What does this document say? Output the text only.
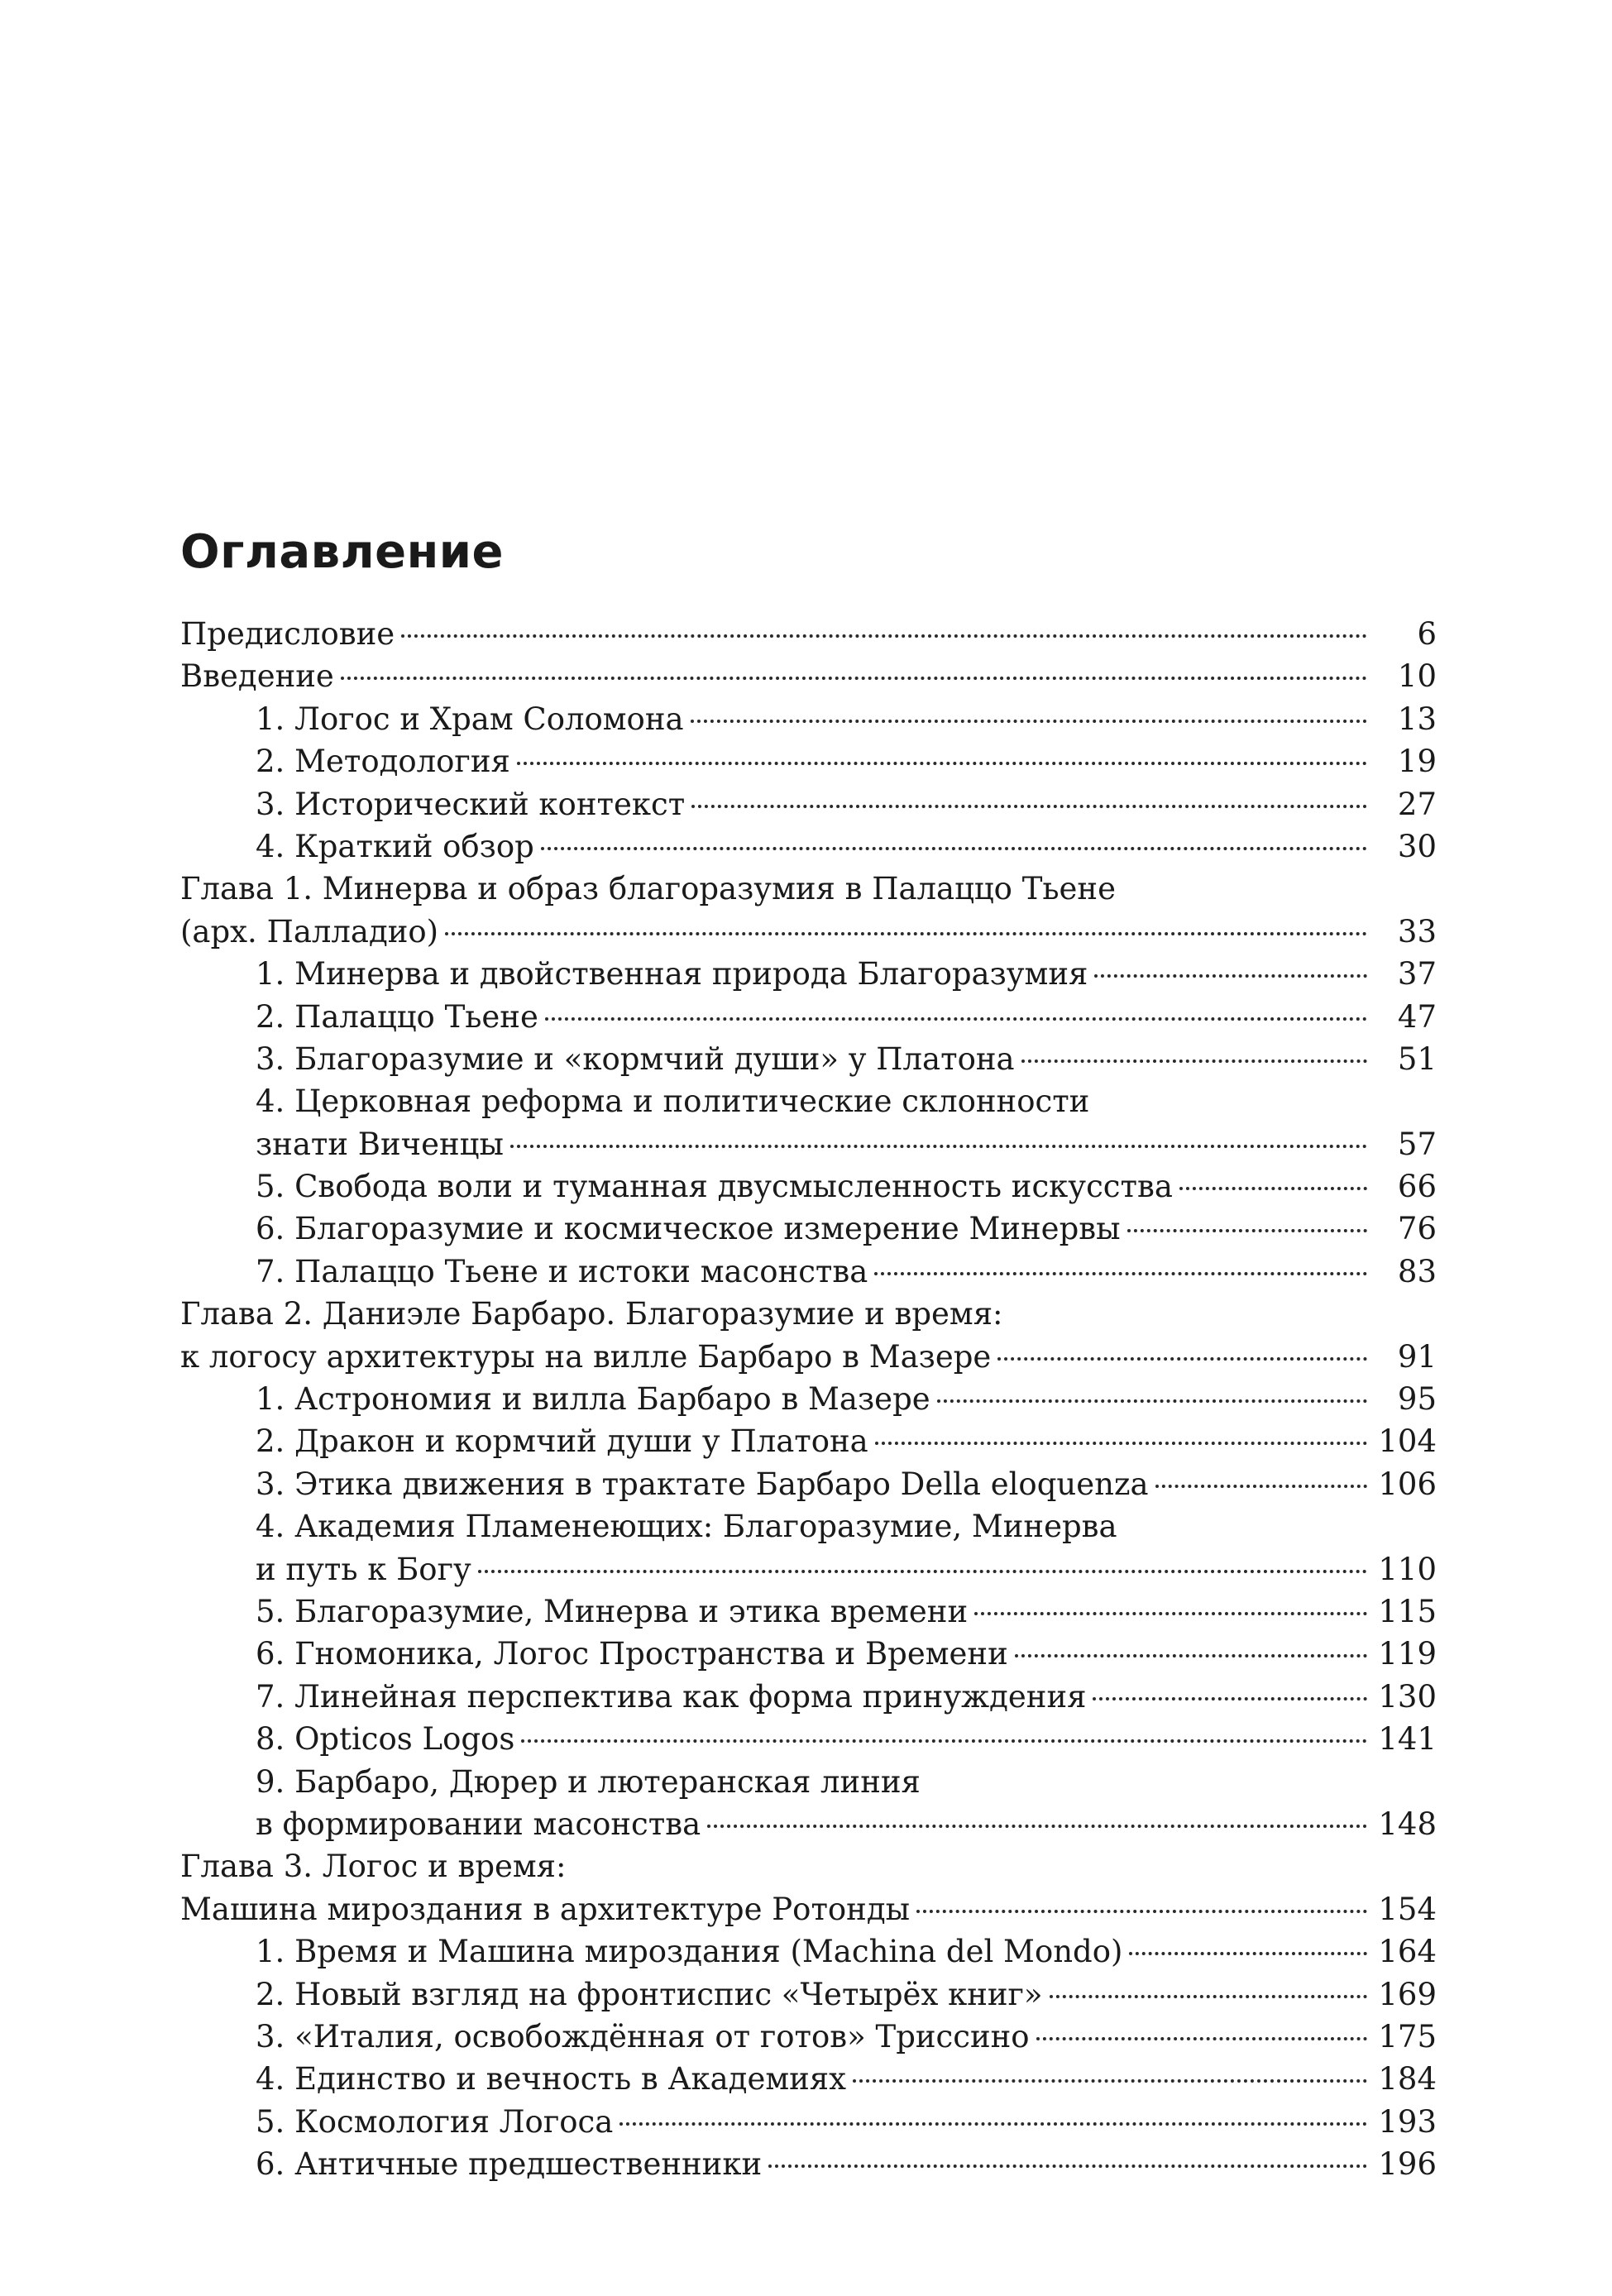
Оглавление
Предисловие	6
Введение	10
1. Логос и Храм Соломона	13
2. Методология	19
3. Исторический контекст	27
4. Краткий обзор	30
Глава 1. Минерва и образ благоразумия в Палаццо Тьене
(арх. Палладио)	33
1. Минерва и двойственная природа Благоразумия	37
2. Палаццо Тьене	47
3. Благоразумие и «кормчий души» у Платона	51
4. Церковная реформа и политические склонности
знати Виченцы	57
5. Свобода воли и туманная двусмысленность искусства	66
6. Благоразумие и космическое измерение Минервы	76
7. Палаццо Тьене и истоки масонства	83
Глава 2. Даниэле Барбаро. Благоразумие и время:
к логосу архитектуры на вилле Барбаро в Мазере	91
1. Астрономия и вилла Барбаро в Мазере	95
2. Дракон и кормчий души у Платона	104
3. Этика движения в трактате Барбаро Della eloquenza	106
4. Академия Пламенеющих: Благоразумие, Минерва
и путь к Богу	110
5. Благоразумие, Минерва и этика времени	115
6. Гномоника, Логос Пространства и Времени	119
7. Линейная перспектива как форма принуждения	130
8. Opticos Logos	141
9. Барбаро, Дюрер и лютеранская линия
в формировании масонства	148
Глава 3. Логос и время:
Машина мироздания в архитектуре Ротонды	154
1. Время и Машина мироздания (Machina del Mondo)	164
2. Новый взгляд на фронтиспис «Четырёх книг»	169
3. «Италия, освобождённая от готов» Триссино	175
4. Единство и вечность в Академиях	184
5. Космология Логоса	193
6. Античные предшественники	196
